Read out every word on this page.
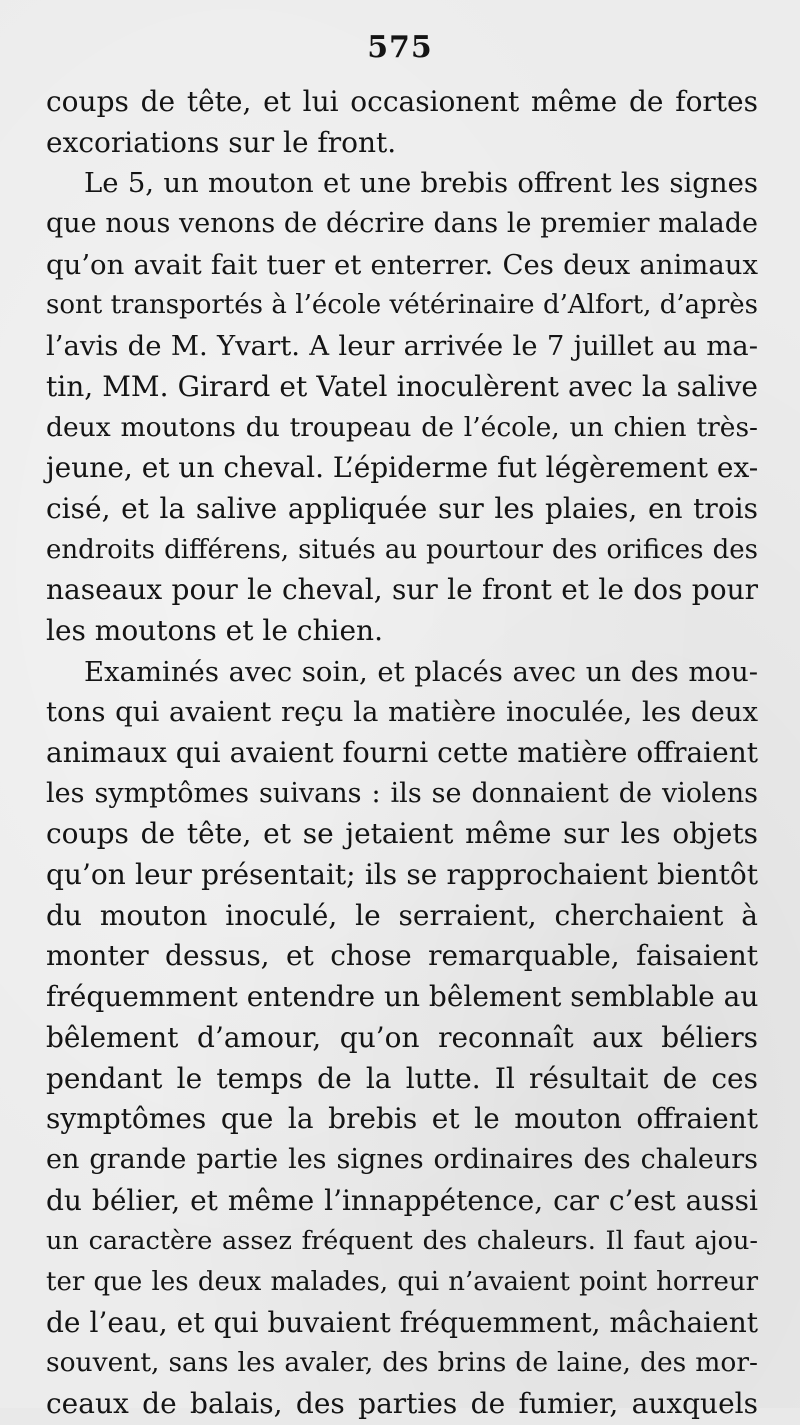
575
coups de tête, et lui occasionent même de fortes
excoriations sur le front.
Le 5, un mouton et une brebis offrent les signes
que nous venons de décrire dans le premier malade
qu’on avait fait tuer et enterrer. Ces deux animaux
sont transportés à l’école vétérinaire d’Alfort, d’après
l’avis de M. Yvart. A leur arrivée le 7 juillet au ma-
tin, MM. Girard et Vatel inoculèrent avec la salive
deux moutons du troupeau de l’école, un chien très-
jeune, et un cheval. L’épiderme fut légèrement ex-
cisé, et la salive appliquée sur les plaies, en trois
endroits différens, situés au pourtour des orifices des
naseaux pour le cheval, sur le front et le dos pour
les moutons et le chien.
Examinés avec soin, et placés avec un des mou-
tons qui avaient reçu la matière inoculée, les deux
animaux qui avaient fourni cette matière offraient
les symptômes suivans : ils se donnaient de violens
coups de tête, et se jetaient même sur les objets
qu’on leur présentait; ils se rapprochaient bientôt
du mouton inoculé, le serraient, cherchaient à
monter dessus, et chose remarquable, faisaient
fréquemment entendre un bêlement semblable au
bêlement d’amour, qu’on reconnaît aux béliers
pendant le temps de la lutte. Il résultait de ces
symptômes que la brebis et le mouton offraient
en grande partie les signes ordinaires des chaleurs
du bélier, et même l’innappétence, car c’est aussi
un caractère assez fréquent des chaleurs. Il faut ajou-
ter que les deux malades, qui n’avaient point horreur
de l’eau, et qui buvaient fréquemment, mâchaient
souvent, sans les avaler, des brins de laine, des mor-
ceaux de balais, des parties de fumier, auxquels
